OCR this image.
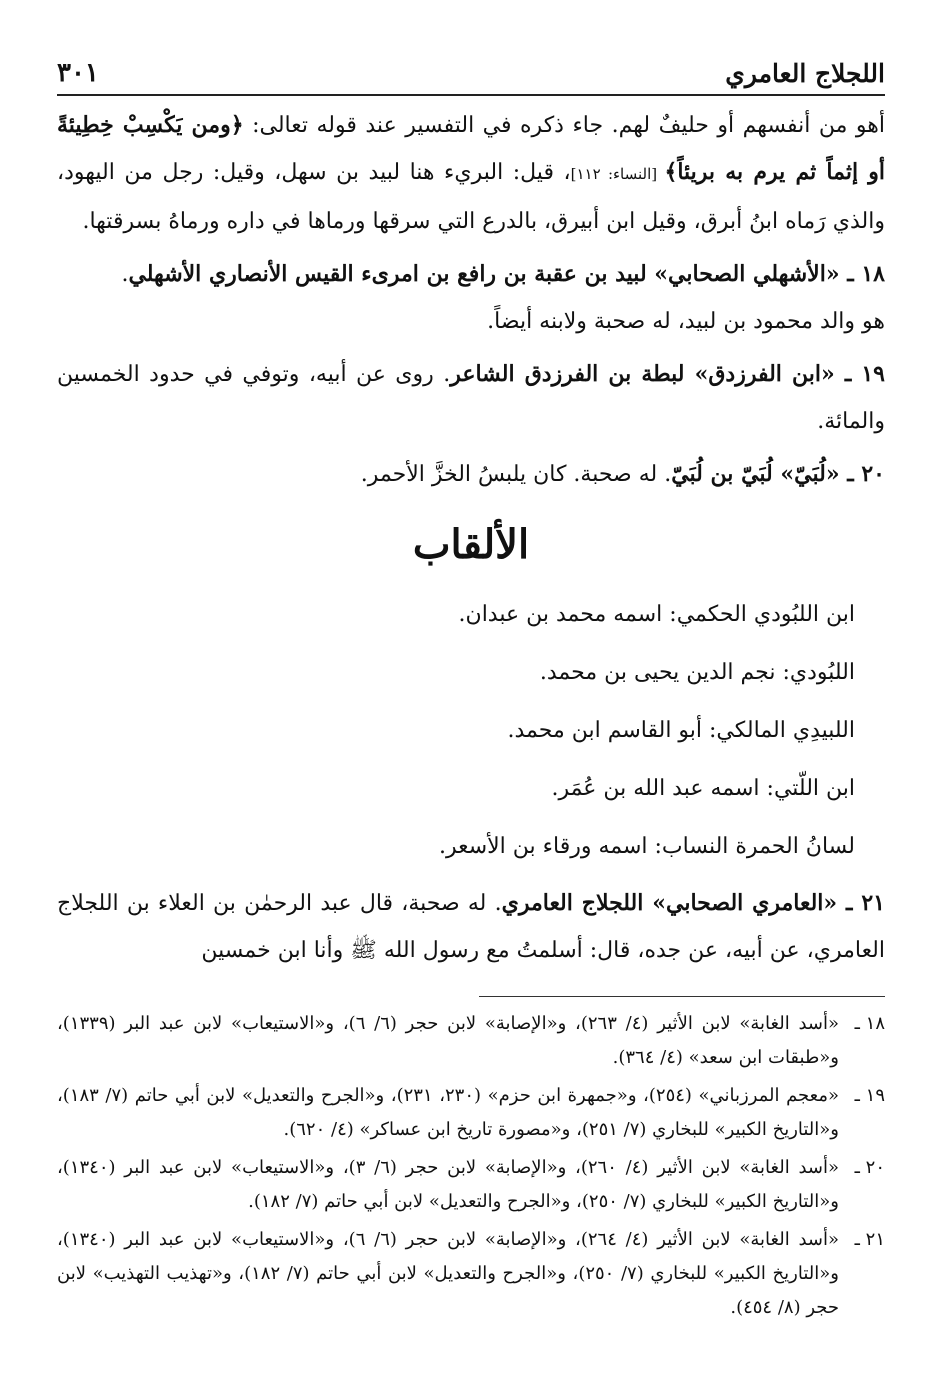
اللجلاج العامري
٣٠١

أهو من أنفسهم أو حليفٌ لهم. جاء ذكره في التفسير عند قوله تعالى: ﴿ومن يَكْسِبْ خِطِيئةً أو إثماً ثم يرم به بريئاً﴾ [النساء: ١١٢]، قيل: البريء هنا لبيد بن سهل، وقيل: رجل من اليهود، والذي رَماه ابنُ أبرق، وقيل ابن أبيرق، بالدرع التي سرقها ورماها في داره ورماهُ بسرقتها.

١٨ ـ «الأشهلي الصحابي» لبيد بن عقبة بن رافع بن امرىء القيس الأنصاري الأشهلي.
هو والد محمود بن لبيد، له صحبة ولابنه أيضاً.

١٩ ـ «ابن الفرزدق» لبطة بن الفرزدق الشاعر. روى عن أبيه، وتوفي في حدود الخمسين والمائة.

٢٠ ـ «لُبَيّ» لُبَيّ بن لُبَيّ. له صحبة. كان يلبسُ الخزَّ الأحمر.

الألقاب
ابن اللبُودي الحكمي: اسمه محمد بن عبدان.
اللبُودي: نجم الدين يحيى بن محمد.
اللبيدِي المالكي: أبو القاسم ابن محمد.
ابن اللّتي: اسمه عبد الله بن عُمَر.
لسانُ الحمرة النساب: اسمه ورقاء بن الأسعر.

٢١ ـ «العامري الصحابي» اللجلاج العامري. له صحبة، قال عبد الرحمٰن بن العلاء بن اللجلاج العامري، عن أبيه، عن جده، قال: أسلمتُ مع رسول الله ﷺ وأنا ابن خمسين

١٨ ـ
«أسد الغابة» لابن الأثير (٤/ ٢٦٣)، و«الإصابة» لابن حجر (٦/ ٦)، و«الاستيعاب» لابن عبد البر (١٣٣٩)، و«طبقات ابن سعد» (٤/ ٣٦٤).
١٩ ـ
«معجم المرزباني» (٢٥٤)، و«جمهرة ابن حزم» (٢٣٠، ٢٣١)، و«الجرح والتعديل» لابن أبي حاتم (٧/ ١٨٣)، و«التاريخ الكبير» للبخاري (٧/ ٢٥١)، و«مصورة تاريخ ابن عساكر» (٤/ ٦٢٠).
٢٠ ـ
«أسد الغابة» لابن الأثير (٤/ ٢٦٠)، و«الإصابة» لابن حجر (٦/ ٣)، و«الاستيعاب» لابن عبد البر (١٣٤٠)، و«التاريخ الكبير» للبخاري (٧/ ٢٥٠)، و«الجرح والتعديل» لابن أبي حاتم (٧/ ١٨٢).
٢١ ـ
«أسد الغابة» لابن الأثير (٤/ ٢٦٤)، و«الإصابة» لابن حجر (٦/ ٦)، و«الاستيعاب» لابن عبد البر (١٣٤٠)، و«التاريخ الكبير» للبخاري (٧/ ٢٥٠)، و«الجرح والتعديل» لابن أبي حاتم (٧/ ١٨٢)، و«تهذيب التهذيب» لابن حجر (٨/ ٤٥٤).
